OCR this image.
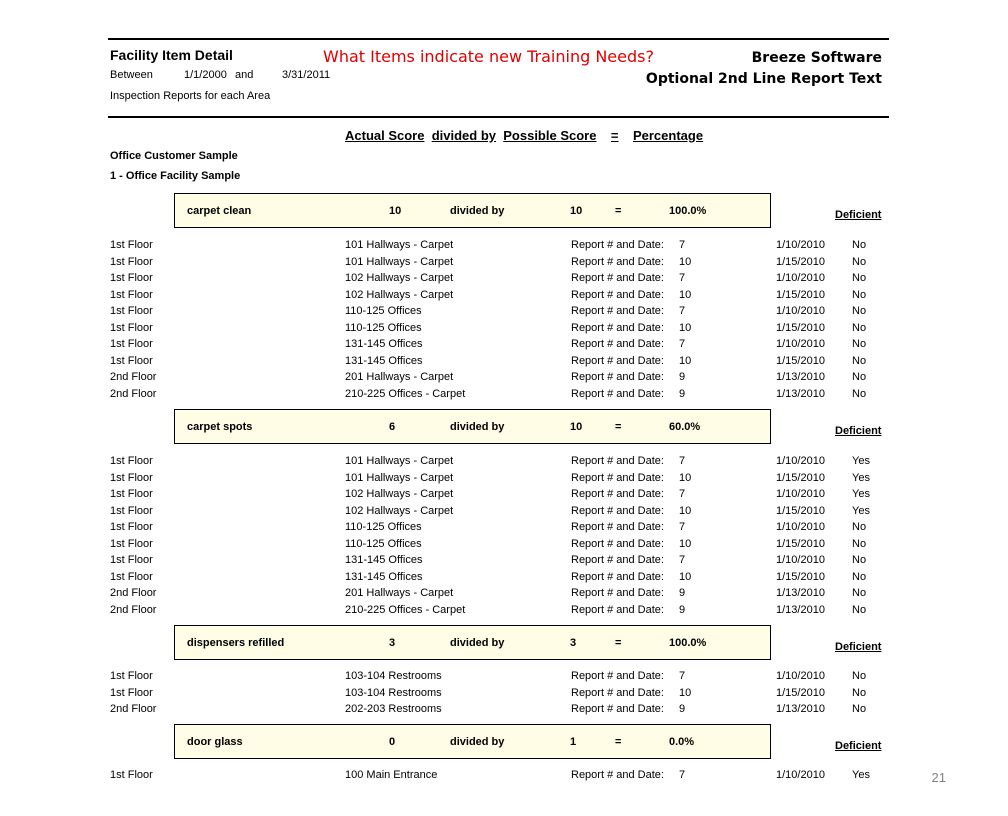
Facility Item Detail	What Items indicate new Training Needs?
Between	1/1/2000 and	3/31/2011
Inspection Reports for each Area
Breeze Software
Optional 2nd Line Report Text
Actual Score divided by Possible Score = Percentage
Office Customer Sample
1 - Office Facility Sample
carpet clean	10	divided by	10	=	100.0%	Deficient
1st Floor	101 Hallways - Carpet	Report # and Date: 7	1/10/2010 No
1st Floor	101 Hallways - Carpet	Report # and Date: 10	1/15/2010 No
1st Floor	102 Hallways - Carpet	Report # and Date: 7	1/10/2010 No
1st Floor	102 Hallways - Carpet	Report # and Date: 10	1/15/2010 No
1st Floor	110-125 Offices	Report # and Date: 7	1/10/2010 No
1st Floor	110-125 Offices	Report # and Date: 10	1/15/2010 No
1st Floor	131-145 Offices	Report # and Date: 7	1/10/2010 No
1st Floor	131-145 Offices	Report # and Date: 10	1/15/2010 No
2nd Floor	201 Hallways - Carpet	Report # and Date: 9	1/13/2010 No
2nd Floor	210-225 Offices - Carpet	Report # and Date: 9	1/13/2010 No
carpet spots	6	divided by	10	=	60.0%	Deficient
1st Floor	101 Hallways - Carpet	Report # and Date: 7	1/10/2010 Yes
1st Floor	101 Hallways - Carpet	Report # and Date: 10	1/15/2010 Yes
1st Floor	102 Hallways - Carpet	Report # and Date: 7	1/10/2010 Yes
1st Floor	102 Hallways - Carpet	Report # and Date: 10	1/15/2010 Yes
1st Floor	110-125 Offices	Report # and Date: 7	1/10/2010 No
1st Floor	110-125 Offices	Report # and Date: 10	1/15/2010 No
1st Floor	131-145 Offices	Report # and Date: 7	1/10/2010 No
1st Floor	131-145 Offices	Report # and Date: 10	1/15/2010 No
2nd Floor	201 Hallways - Carpet	Report # and Date: 9	1/13/2010 No
2nd Floor	210-225 Offices - Carpet	Report # and Date: 9	1/13/2010 No
dispensers refilled	3	divided by	3	=	100.0%	Deficient
1st Floor	103-104 Restrooms	Report # and Date: 7	1/10/2010 No
1st Floor	103-104 Restrooms	Report # and Date: 10	1/15/2010 No
2nd Floor	202-203 Restrooms	Report # and Date: 9	1/13/2010 No
door glass	0	divided by	1	=	0.0%	Deficient
1st Floor	100 Main Entrance	Report # and Date: 7	1/10/2010 Yes	21
